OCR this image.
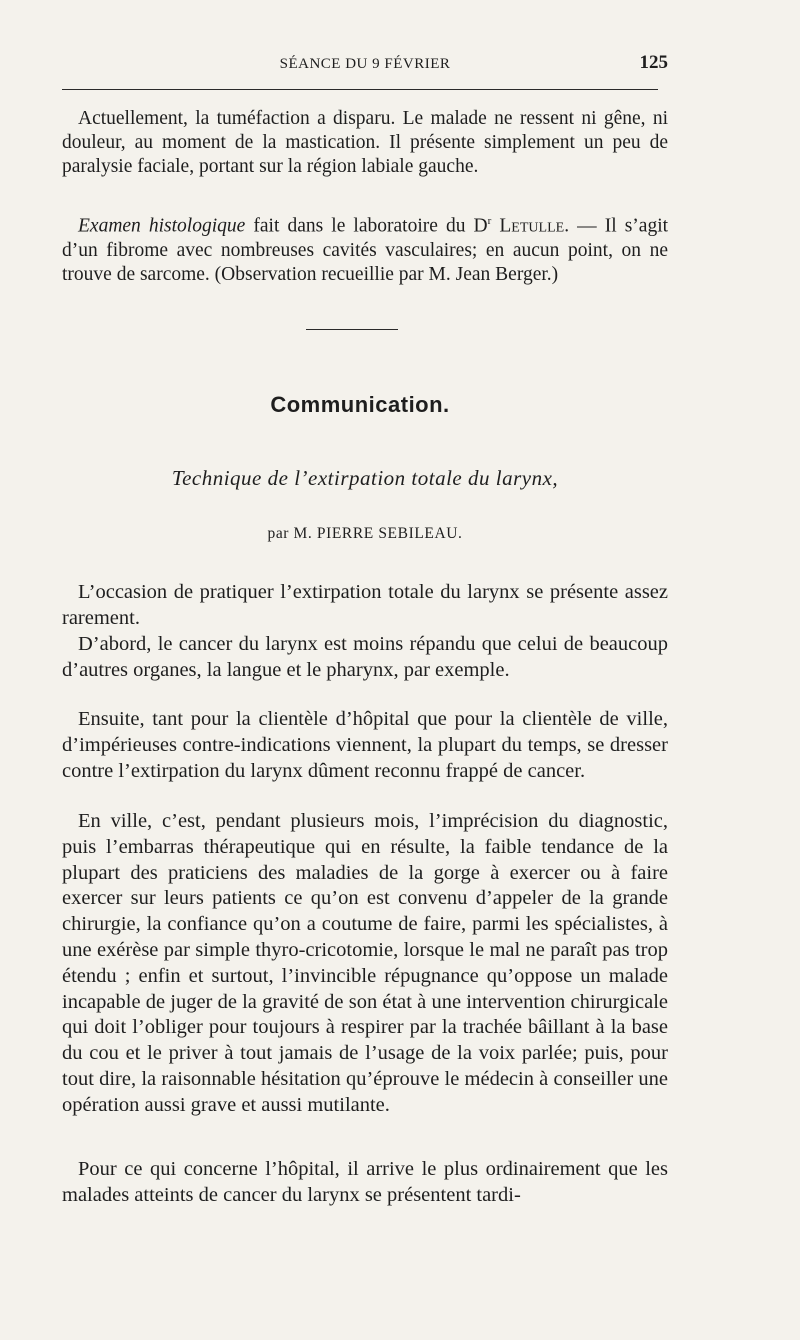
SÉANCE DU 9 FÉVRIER	125

Actuellement, la tuméfaction a disparu. Le malade ne ressent ni gêne, ni douleur, au moment de la mastication. Il présente simplement un peu de paralysie faciale, portant sur la région labiale gauche.

Examen histologique fait dans le laboratoire du $D^r$ Letulle. — Il s’agit d’un fibrome avec nombreuses cavités vasculaires; en aucun point, on ne trouve de sarcome. (Observation recueillie par M. Jean Berger.)

Communication.
Technique de l’extirpation totale du larynx,
par M. PIERRE SEBILEAU.

L’occasion de pratiquer l’extirpation totale du larynx se présente assez rarement.

D’abord, le cancer du larynx est moins répandu que celui de beaucoup d’autres organes, la langue et le pharynx, par exemple.

Ensuite, tant pour la clientèle d’hôpital que pour la clientèle de ville, d’impérieuses contre-indications viennent, la plupart du temps, se dresser contre l’extirpation du larynx dûment reconnu frappé de cancer.

En ville, c’est, pendant plusieurs mois, l’imprécision du diagnostic, puis l’embarras thérapeutique qui en résulte, la faible tendance de la plupart des praticiens des maladies de la gorge à exercer ou à faire exercer sur leurs patients ce qu’on est convenu d’appeler de la grande chirurgie, la confiance qu’on a coutume de faire, parmi les spécialistes, à une exérèse par simple thyro-cricotomie, lorsque le mal ne paraît pas trop étendu ; enfin et surtout, l’invincible répugnance qu’oppose un malade incapable de juger de la gravité de son état à une intervention chirurgicale qui doit l’obliger pour toujours à respirer par la trachée bâillant à la base du cou et le priver à tout jamais de l’usage de la voix parlée; puis, pour tout dire, la raisonnable hésitation qu’éprouve le médecin à conseiller une opération aussi grave et aussi mutilante.

Pour ce qui concerne l’hôpital, il arrive le plus ordinairement que les malades atteints de cancer du larynx se présentent tardi-
